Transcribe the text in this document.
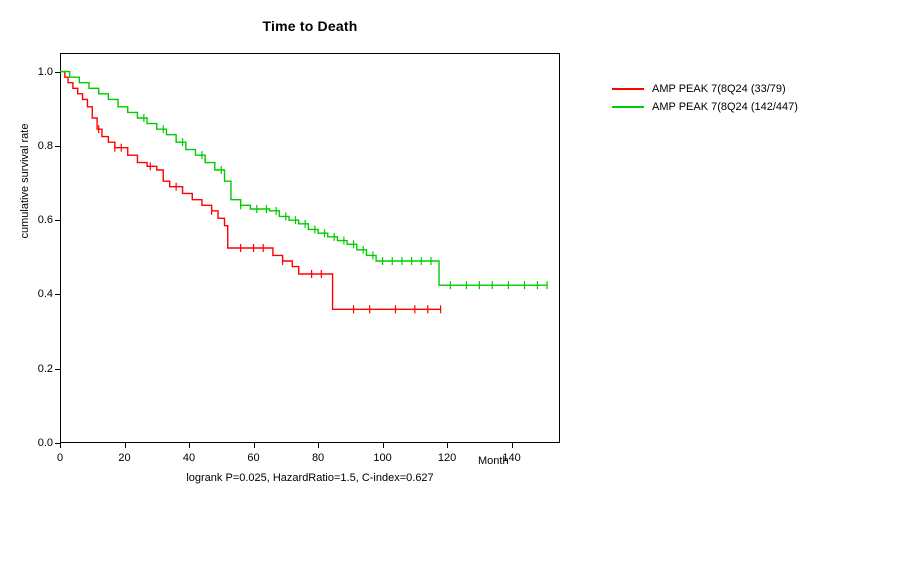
Time to Death
0.0
0.2
0.4
0.6
0.8
1.0
0	20	40	60	80	100	120	140
cumulative survival rate
Month
logrank P=0.025, HazardRatio=1.5, C-index=0.627
AMP PEAK 7(8Q24 (33/79)
AMP PEAK 7(8Q24 (142/447)
